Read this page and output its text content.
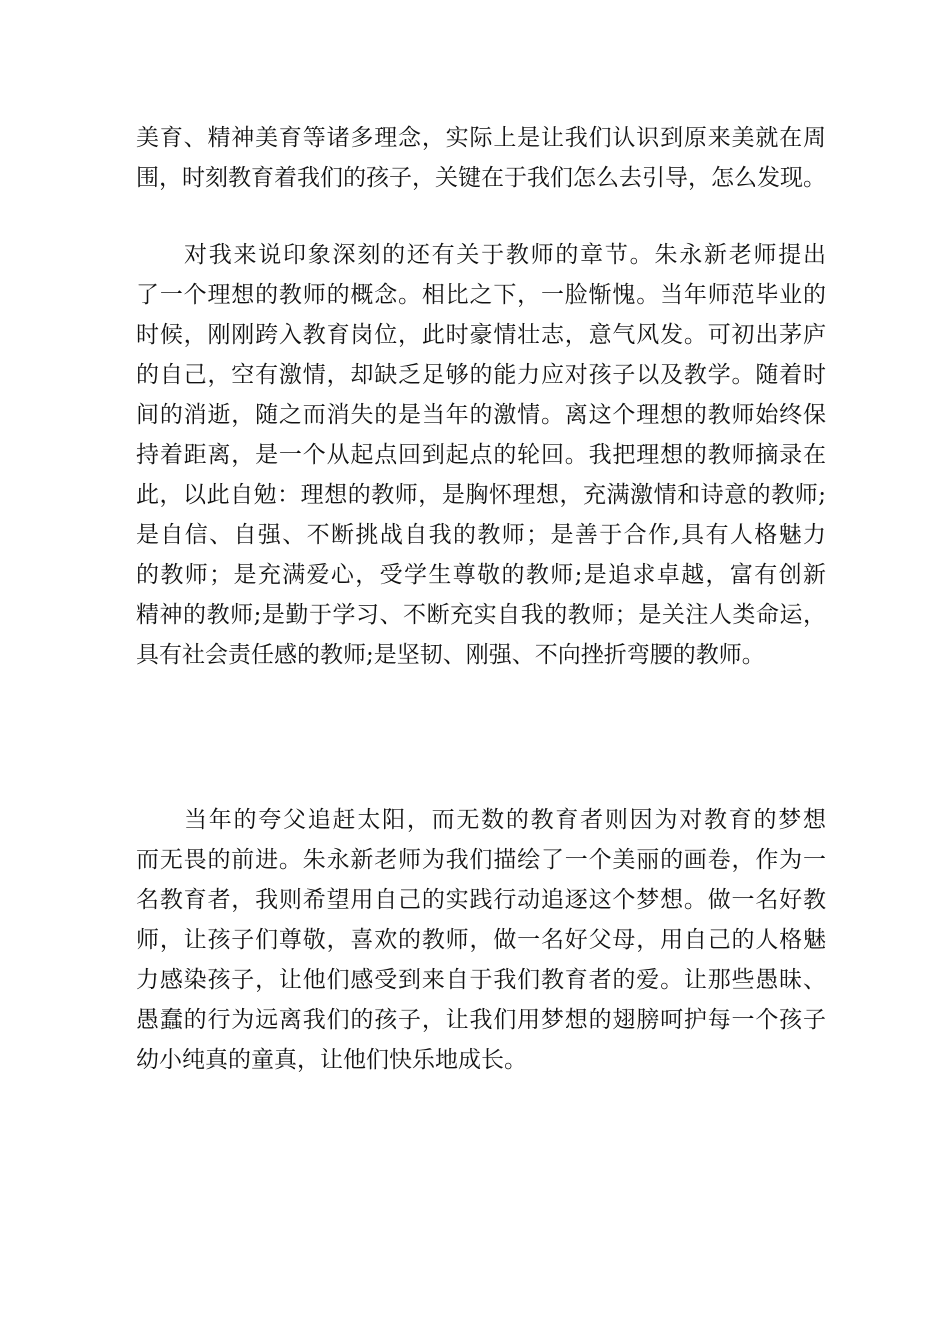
美育、精神美育等诸多理念，实际上是让我们认识到原来美就在周
围，时刻教育着我们的孩子，关键在于我们怎么去引导，怎么发现。
对我来说印象深刻的还有关于教师的章节。朱永新老师提出
了一个理想的教师的概念。相比之下，一脸惭愧。当年师范毕业的
时候，刚刚跨入教育岗位，此时豪情壮志，意气风发。可初出茅庐
的自己，空有激情，却缺乏足够的能力应对孩子以及教学。随着时
间的消逝，随之而消失的是当年的激情。离这个理想的教师始终保
持着距离，是一个从起点回到起点的轮回。我把理想的教师摘录在
此，以此自勉：理想的教师，是胸怀理想，充满激情和诗意的教师;
是自信、自强、不断挑战自我的教师；是善于合作,具有人格魅力
的教师；是充满爱心，受学生尊敬的教师;是追求卓越，富有创新
精神的教师;是勤于学习、不断充实自我的教师；是关注人类命运，
具有社会责任感的教师;是坚韧、刚强、不向挫折弯腰的教师。
当年的夸父追赶太阳，而无数的教育者则因为对教育的梦想
而无畏的前进。朱永新老师为我们描绘了一个美丽的画卷，作为一
名教育者，我则希望用自己的实践行动追逐这个梦想。做一名好教
师，让孩子们尊敬，喜欢的教师，做一名好父母，用自己的人格魅
力感染孩子，让他们感受到来自于我们教育者的爱。让那些愚昧、
愚蠢的行为远离我们的孩子，让我们用梦想的翅膀呵护每一个孩子
幼小纯真的童真，让他们快乐地成长。
